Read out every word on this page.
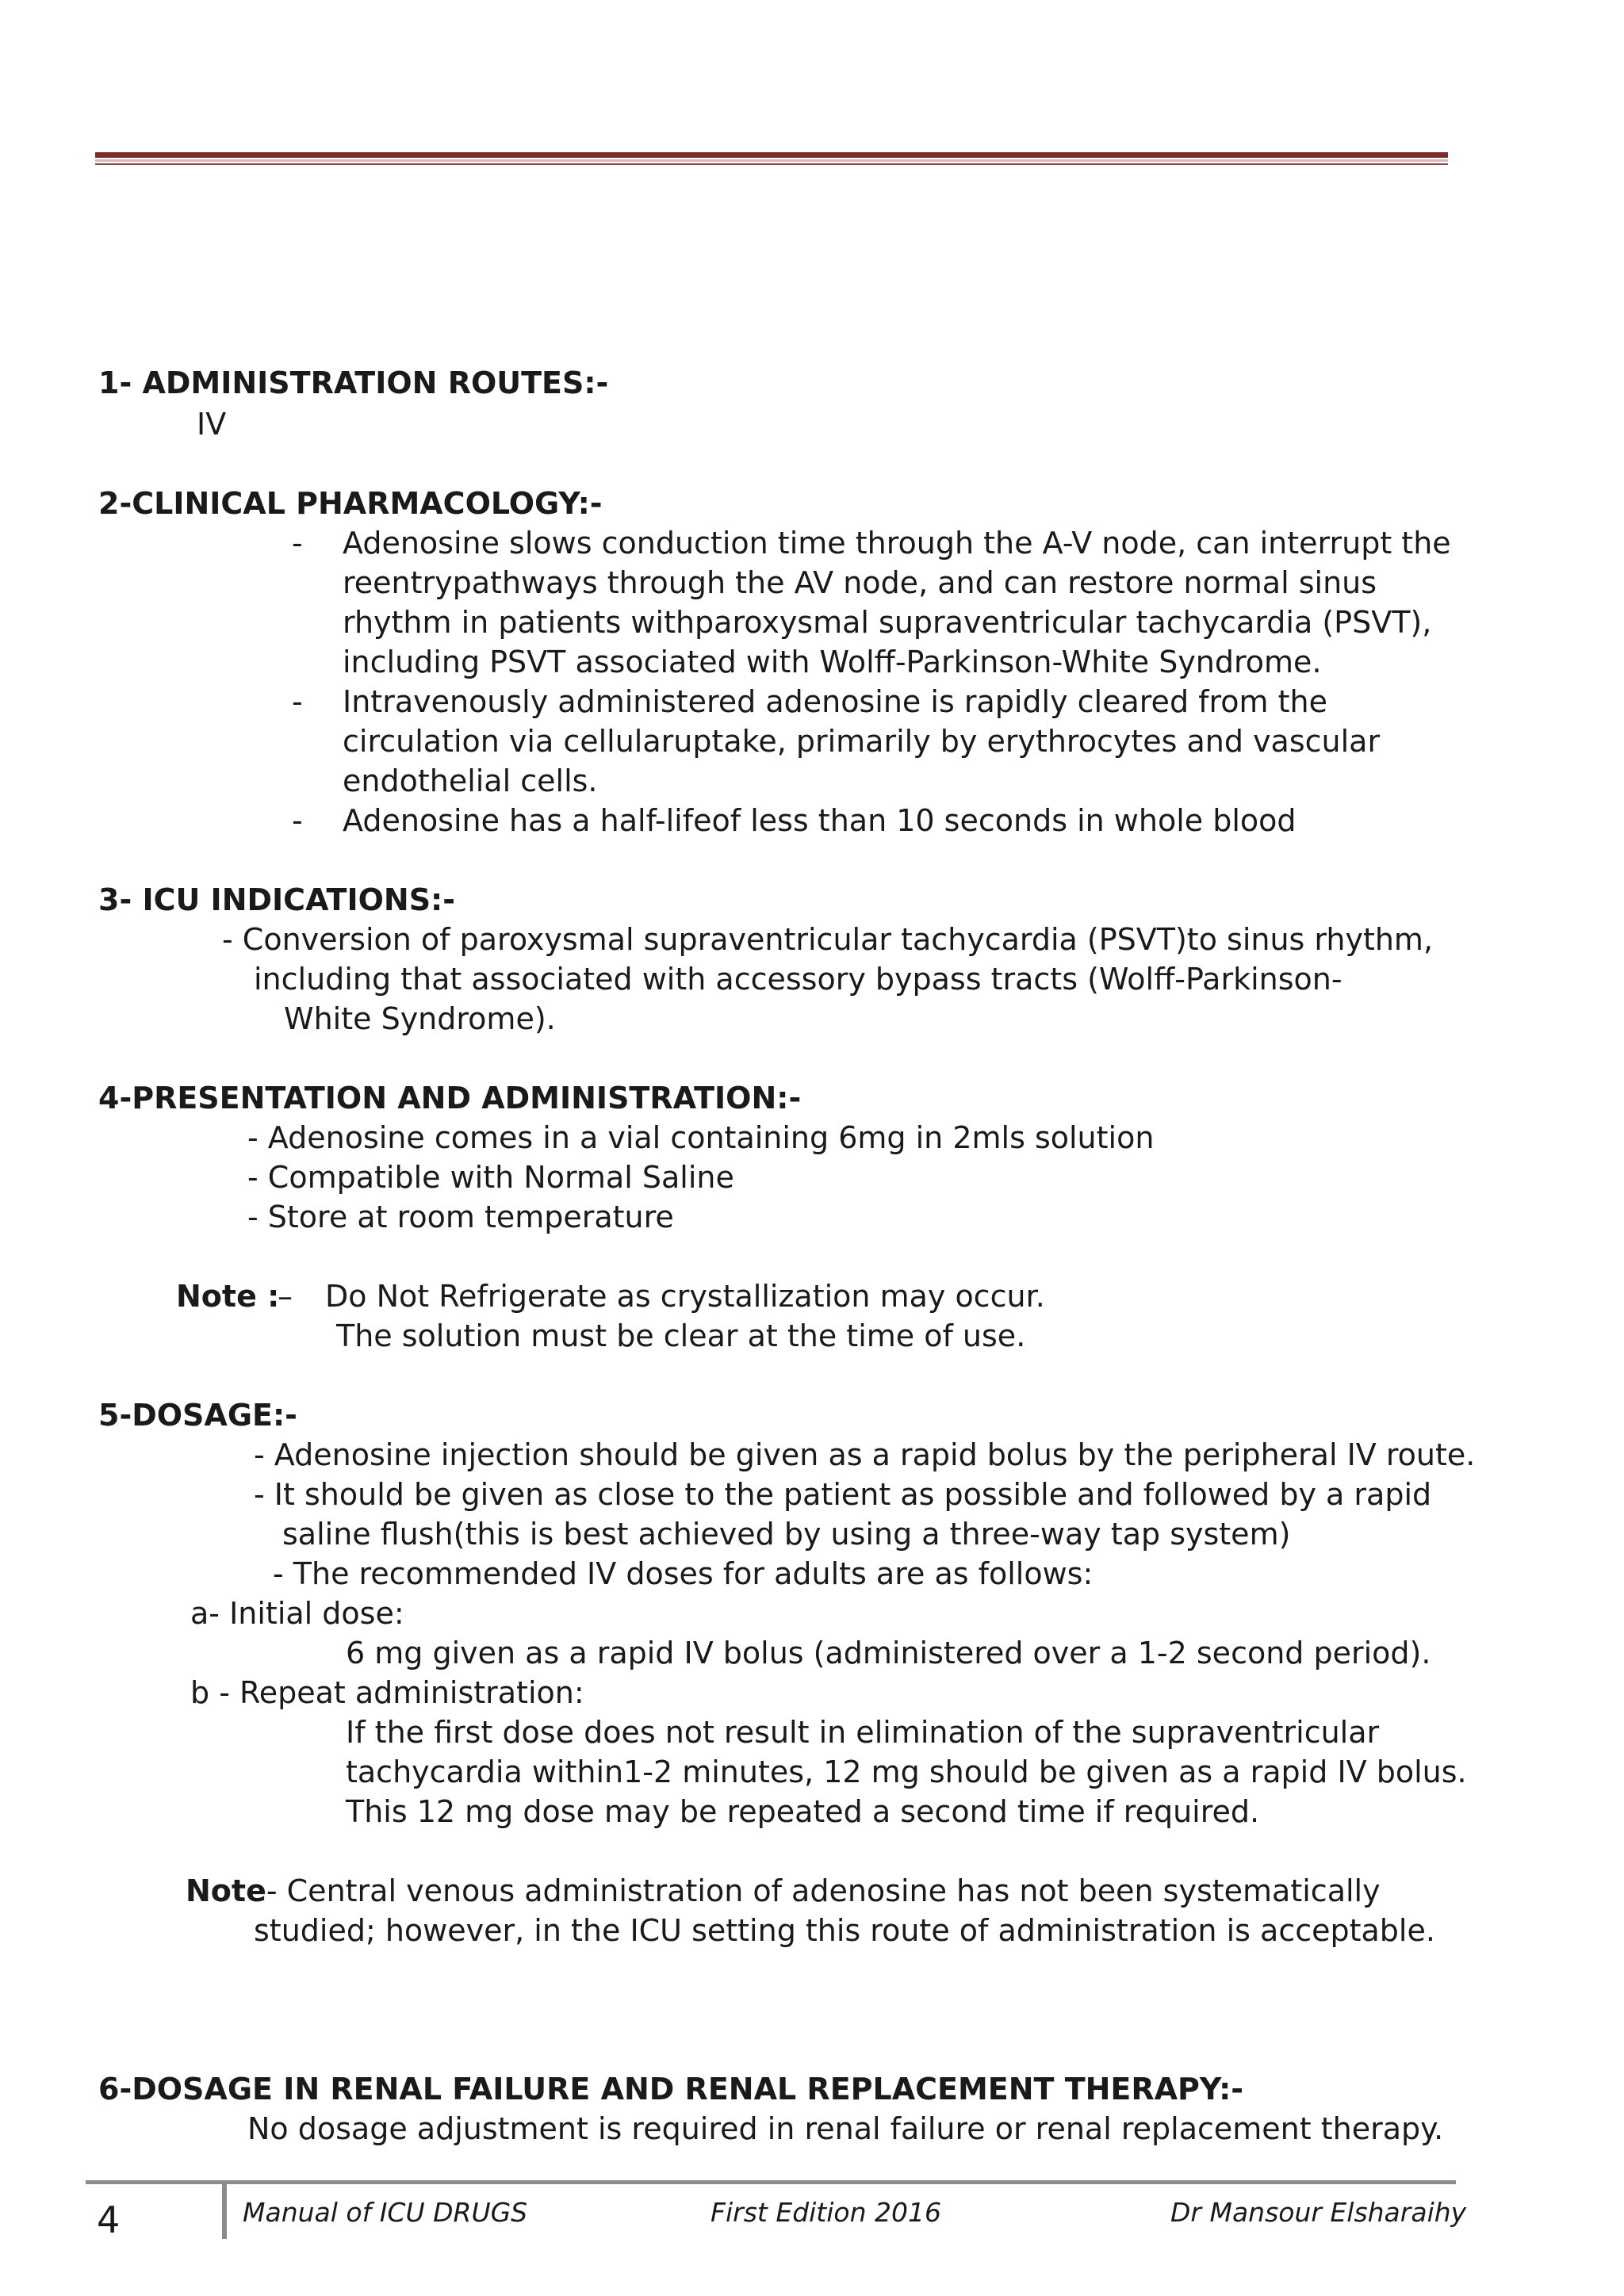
1- ADMINISTRATION ROUTES:-
IV
2-CLINICAL PHARMACOLOGY:-
- Adenosine slows conduction time through the A-V node, can interrupt the
reentrypathways through the AV node, and can restore normal sinus
rhythm in patients withparoxysmal supraventricular tachycardia (PSVT),
including PSVT associated with Wolff-Parkinson-White Syndrome.
- Intravenously administered adenosine is rapidly cleared from the
circulation via cellularuptake, primarily by erythrocytes and vascular
endothelial cells.
- Adenosine has a half-lifeof less than 10 seconds in whole blood
3- ICU INDICATIONS:-
- Conversion of paroxysmal supraventricular tachycardia (PSVT)to sinus rhythm,
including that associated with accessory bypass tracts (Wolff-Parkinson-
White Syndrome).
4-PRESENTATION AND ADMINISTRATION:-
- Adenosine comes in a vial containing 6mg in 2mls solution
- Compatible with Normal Saline
- Store at room temperature
Note :
– Do Not Refrigerate as crystallization may occur.
The solution must be clear at the time of use.
5-DOSAGE:-
- Adenosine injection should be given as a rapid bolus by the peripheral IV route.
- It should be given as close to the patient as possible and followed by a rapid
saline flush(this is best achieved by using a three-way tap system)
- The recommended IV doses for adults are as follows:
a- Initial dose:
6 mg given as a rapid IV bolus (administered over a 1-2 second period).
b - Repeat administration:
If the first dose does not result in elimination of the supraventricular
tachycardia within1-2 minutes, 12 mg should be given as a rapid IV bolus.
This 12 mg dose may be repeated a second time if required.
Note- Central venous administration of adenosine has not been systematically
studied; however, in the ICU setting this route of administration is acceptable.
6-DOSAGE IN RENAL FAILURE AND RENAL REPLACEMENT THERAPY:-
No dosage adjustment is required in renal failure or renal replacement therapy.
4	Manual of ICU DRUGS	First Edition 2016	Dr Mansour Elsharaihy
